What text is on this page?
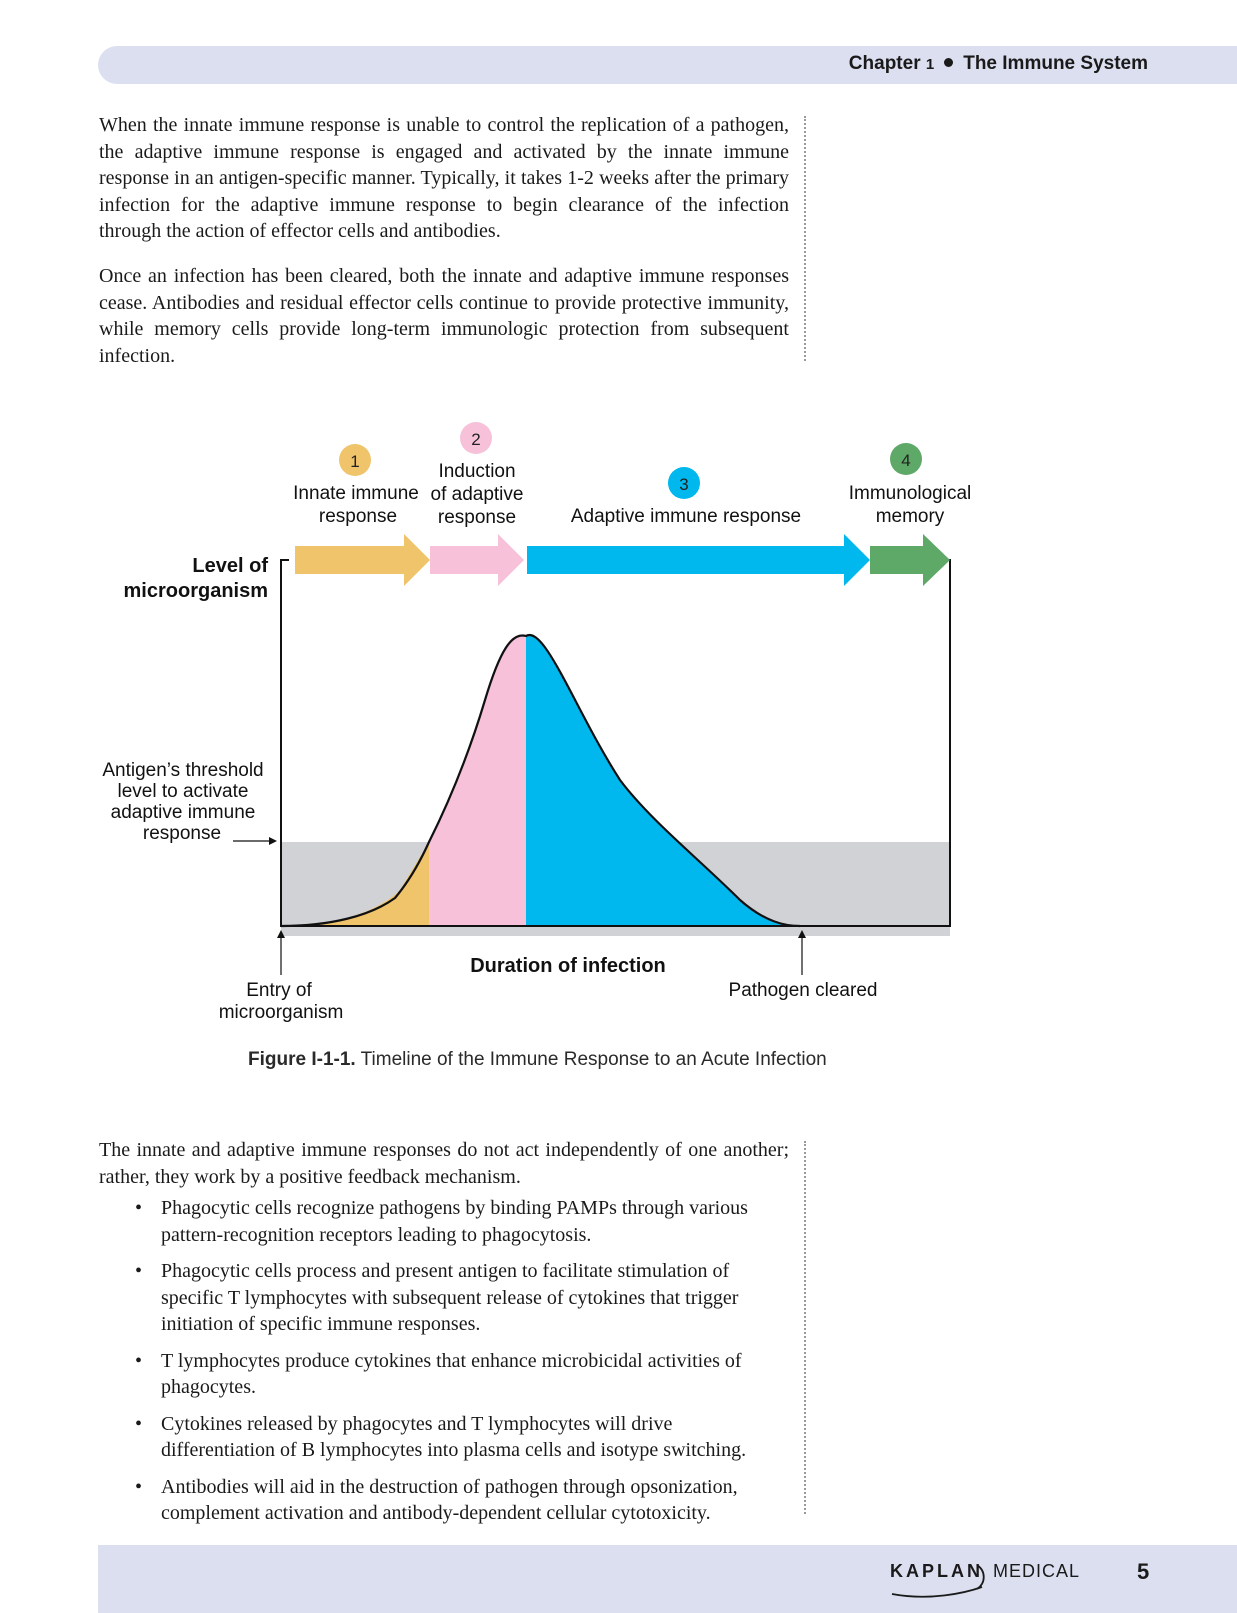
Chapter 1 The Immune System

When the innate immune response is unable to control the replication of a pathogen, the adaptive immune response is engaged and activated by the innate immune response in an antigen-specific manner. Typically, it takes 1-2 weeks after the primary infection for the adaptive immune response to begin clearance of the infection through the action of effector cells and antibodies.

Once an infection has been cleared, both the innate and adaptive immune responses cease. Antibodies and residual effector cells continue to provide protective immunity, while memory cells provide long-term immunologic protection from subsequent infection.

1
2
3
4
Innate immune
response
Induction
of adaptive
response	Adaptive immune response
Immunological
memory
Level of
microorganism
Antigen’s threshold
level to activate
adaptive immune
response
Duration of infection
Entry of
microorganism
Pathogen cleared
Figure I-1-1. Timeline of the Immune Response to an Acute Infection

The innate and adaptive immune responses do not act independently of one another; rather, they work by a positive feedback mechanism.

• Phagocytic cells recognize pathogens by binding PAMPs through various pattern-recognition receptors leading to phagocytosis.
• Phagocytic cells process and present antigen to facilitate stimulation of specific T lymphocytes with subsequent release of cytokines that trigger initiation of specific immune responses.
• T lymphocytes produce cytokines that enhance microbicidal activities of phagocytes.
• Cytokines released by phagocytes and T lymphocytes will drive differentiation of B lymphocytes into plasma cells and isotype switching.
• Antibodies will aid in the destruction of pathogen through opsonization, complement activation and antibody-dependent cellular cytotoxicity.
KAPLAN MEDICAL	5
